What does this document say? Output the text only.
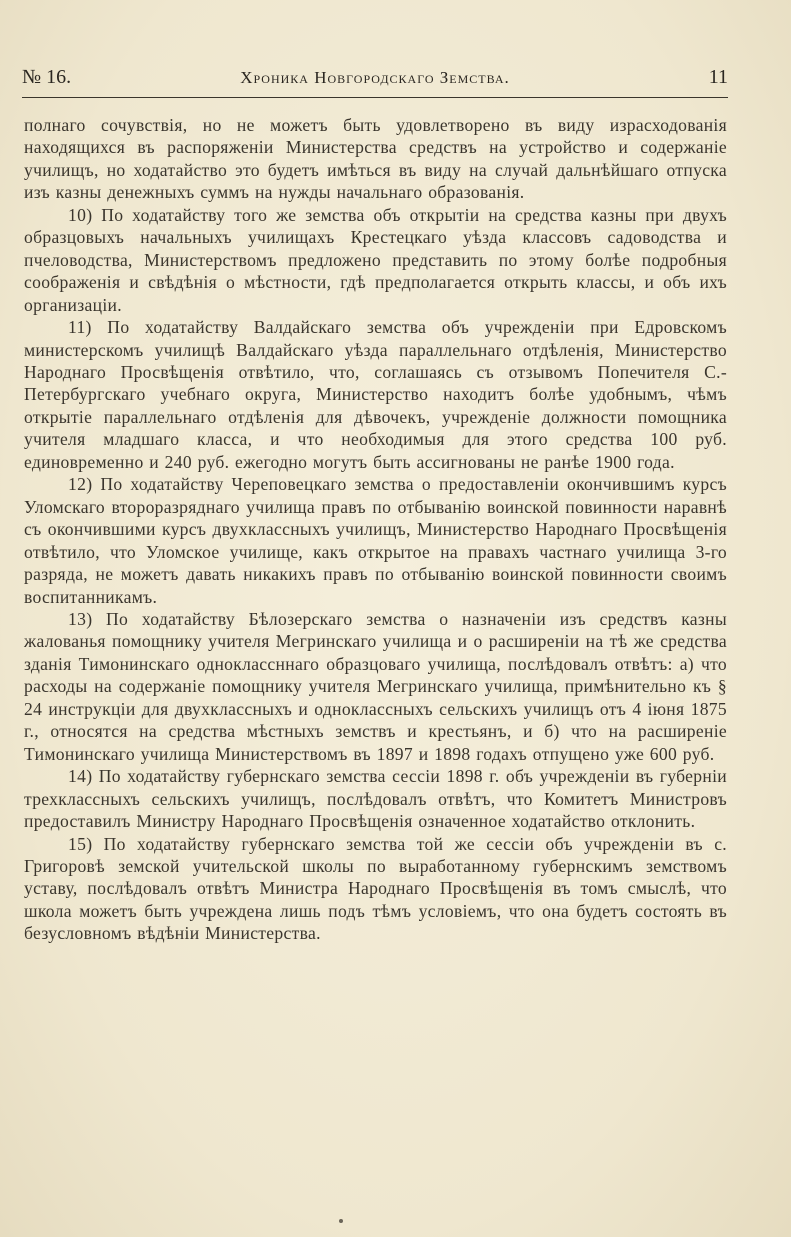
№ 16.	Хроника Новгородскаго Земства.	11

полнаго сочувствія, но не можетъ быть удовлетворено въ виду израсходованія находящихся въ распоряженіи Министерства средствъ на устройство и содержаніе училищъ, но ходатайство это будетъ имѣться въ виду на случай дальнѣйшаго отпуска изъ казны денежныхъ суммъ на нужды начальнаго образованія.

10) По ходатайству того же земства объ открытіи на средства казны при двухъ образцовыхъ начальныхъ училищахъ Крестецкаго уѣзда классовъ садоводства и пчеловодства, Министерствомъ предложено представить по этому болѣе подробныя соображенія и свѣдѣнія о мѣстности, гдѣ предполагается открыть классы, и объ ихъ организаціи.

11) По ходатайству Валдайскаго земства объ учрежденіи при Едровскомъ министерскомъ училищѣ Валдайскаго уѣзда параллельнаго отдѣленія, Министерство Народнаго Просвѣщенія отвѣтило, что, соглашаясь съ отзывомъ Попечителя С.-Петербургскаго учебнаго округа, Министерство находитъ болѣе удобнымъ, чѣмъ открытіе параллельнаго отдѣленія для дѣвочекъ, учрежденіе должности помощника учителя младшаго класса, и что необходимыя для этого средства 100 руб. единовременно и 240 руб. ежегодно могутъ быть ассигнованы не ранѣе 1900 года.

12) По ходатайству Череповецкаго земства о предоставленіи окончившимъ курсъ Уломскаго второразряднаго училища правъ по отбыванію воинской повинности наравнѣ съ окончившими курсъ двухклассныхъ училищъ, Министерство Народнаго Просвѣщенія отвѣтило, что Уломское училище, какъ открытое на правахъ частнаго училища 3-го разряда, не можетъ давать никакихъ правъ по отбыванію воинской повинности своимъ воспитанникамъ.

13) По ходатайству Бѣлозерскаго земства о назначеніи изъ средствъ казны жалованья помощнику учителя Мегринскаго училища и о расширеніи на тѣ же средства зданія Тимонинскаго одноклассннаго образцоваго училища, послѣдовалъ отвѣтъ: а) что расходы на содержаніе помощнику учителя Мегринскаго училища, примѣнительно къ § 24 инструкціи для двухклассныхъ и одноклассныхъ сельскихъ училищъ отъ 4 іюня 1875 г., относятся на средства мѣстныхъ земствъ и крестьянъ, и б) что на расширеніе Тимонинскаго училища Министерствомъ въ 1897 и 1898 годахъ отпущено уже 600 руб.

14) По ходатайству губернскаго земства сессіи 1898 г. объ учрежденіи въ губерніи трехклассныхъ сельскихъ училищъ, послѣдовалъ отвѣтъ, что Комитетъ Министровъ предоставилъ Министру Народнаго Просвѣщенія означенное ходатайство отклонить.

15) По ходатайству губернскаго земства той же сессіи объ учрежденіи въ с. Григоровѣ земской учительской школы по выработанному губернскимъ земствомъ уставу, послѣдовалъ отвѣтъ Министра Народнаго Просвѣщенія въ томъ смыслѣ, что школа можетъ быть учреждена лишь подъ тѣмъ условіемъ, что она будетъ состоять въ безусловномъ вѣдѣніи Министерства.
